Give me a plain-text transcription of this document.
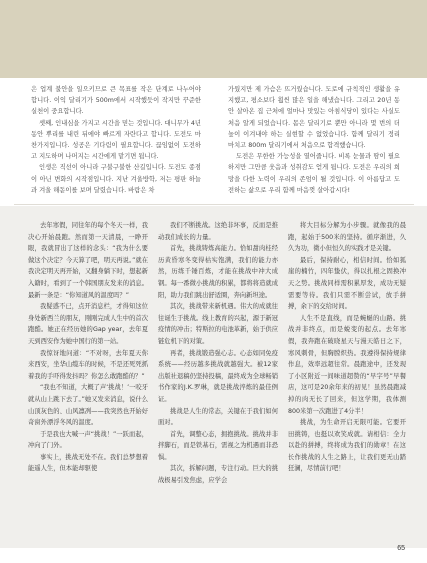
은 업계 불안을 일으키므로 큰 목표를 작은 단계로 나누어야 합니다. 이익 달리기가 500m에서 시작했듯이 작지만 꾸준한 실천이 중요합니다.

셋째, 인내심을 가지고 시간을 믿는 것입니다. 대니무가 4년 동안 뿌리를 내린 뒤에야 빠르게 자란다고 합니다. 도전도 마찬가지입니다. 성공은 기다림이 필요합니다. 끊임없이 도전하고 지도하며 나머지는 시간에게 맡기면 됩니다.

인생은 직선이 아니라 구불구불한 산길입니다. 도전도 종점이 아닌 변화의 시작점입니다. 지난 겨울방학, 저는 평판 하늘과 겨울 해돋이를 보며 달렸습니다. 바람은 차

가웠지만 제 가슴은 뜨거웠습니다. 도로에 규칙적인 생활을 유지했고, 평소보다 훨씬 많은 일을 해냈습니다. 그리고 20년 동안 살아온 집 근처에 얼마나 맛있는 아침식당이 있다는 사실도 처음 알게 되었습니다. 몸은 달리기로 뿐만 아니라 몇 번의 더 높이 이겨내야 하는 실현할 수 없었습니다. 함께 달리기 정리 마치고 800m 달리기에서 처음으로 합격했습니다.

도전은 무한한 가능성을 열어줍니다. 비록 눈물과 땀이 필요하지만 그만큼 웃음과 성취감도 얻게 됩니다. 도전은 우리의 희망을 다한 노력이 우리의 존엄이 될 것입니다. 이 아름답고 도전하는 삶으로 우리 함께 마음껏 살아갑시다!

去年寒假，同往年的每个冬天一样，我决心开始晨跑。然而第一天清晨，一睁开眼，我就冒出了这样的念头：“我为什么要做这个决定？今天算了吧，明天再说。”就在我决定明天再开始，又翻身躺下时，想起新入籍时，看到了一个韩国朋友发来的消息。最新一条是：“你知道风的温度吗？”

我疑惑不已，点开消息栏，才得知这位身处新西兰的朋友，刚刚完成人生中的首次跑酷。她正在经历她的Gap year，去年夏天到西安作为她中国行的第一站。

我惊讶地问道：“不对呀，去年夏天你来西安，坐华山缆车的时候，不是还死死抓着我的手吓得发抖吗？你怎么敢跑酷的？”

“我也不知道，大概了声‘挑战！’一咬牙就从山上跳下去了。”她又发来消息，说什么山顶灰色的、山风凛冽——我突然也开始好奇窗外漂浮冬风的温度。

于是我也大喊一声“挑战！”一跃而起，冲向了门外。

事实上，挑战无处不在。我们总梦想着能遥人生，但本能却驱使

我们不断挑战。这绝非坏事，反而是推动我们成长的力量。

首先，挑战铸炼高能力。恰如甜肉桂经历黄昏寒冬变得枯实饱满，我们的能力亦然，历练千锤百炼，才能在挑战中冲大成钢。每一番微小挑战的积累，都将将造就成阳，助力我们跳出舒适圈，奔向新坦途。

其次，挑战带来新机遇。伟大的成就往往诞生于挑战。线上教育的兴起，源于新冠疫情的冲击；特斯拉的电池革新，始于供应链危机下的对策。

再者，挑战锻造强心志。心态如同免疫系统——经历越多挑战就越强大。被12家出版社退稿仍坚持投稿，最终成为全球畅销书作家的J.K.罗琳，就是挑战淬炼的最佳例证。

挑战是人生的常态，关键在于我们如何面对。

首先，调整心态，拥抱挑战。挑战并非拌脚石，而是铁基石，需视之为机遇而非恐惧。

其次，拆解问题，专注行动。巨大的挑战极易引发焦虑，应学会

将大目标分解为小步骤。就像我的晨跑，起始于500米的坚持。循序渐进，久久为功，微小但恒久的实践才是关键。

最后，保持耐心，相信时间。恰如狐崖的楠竹，四年蛰伏，得以扎根之固换冲天之势。挑战同样需积累厚发，成功无疑需要等待。我们只需不断尝试，放手拼搏，余下的交给时间。

人生不是直线，而是蜿蜒的山路。挑战并非终点，而是蜕变的起点。去年寒假，我奔跑在破晓星天与漫天皓日之下，寒风刺骨，但胸膛炽热。我遵得保持规律作息，效率远超往常。晨跑途中，还发现了小区附近一间味道超赞的“早字号”早餐店，这可是20余年来的初见！虽然晨跑减掉的肉无长了回来，但这学期，我体测800米第一次跑进了4分半！

挑战，为生命开启无限可能。它要开田挑铸，也挺以欢笑成就。请相信：全力以赴的拼搏，终将成为我们的勋章！在这长作挑战的人生之路上，让我们更无山踏狂澜，尽情前行吧！

65
